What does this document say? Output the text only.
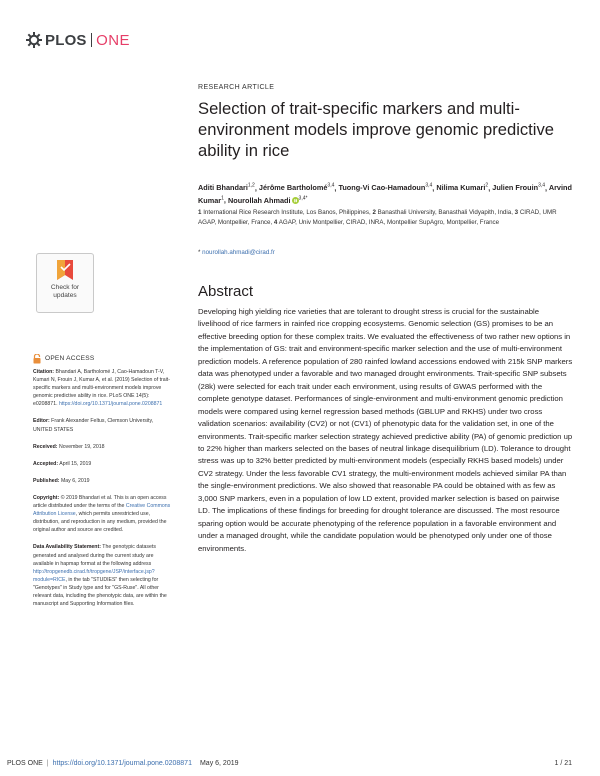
PLOS ONE
RESEARCH ARTICLE
Selection of trait-specific markers and multi-environment models improve genomic predictive ability in rice
Aditi Bhandari$^{1,2}$, Jérôme Bartholomé$^{3,4}$, Tuong-Vi Cao-Hamadoun$^{3,4}$, Nilima Kumari$^2$, Julien Frouin$^{3,4}$, Arvind Kumar$^1$, Nourollah Ahmadi $^{3,4*}$
1 International Rice Research Institute, Los Banos, Philippines, 2 Banasthali University, Banasthali Vidyapith, India, 3 CIRAD, UMR AGAP, Montpellier, France, 4 AGAP, Univ Montpellier, CIRAD, INRA, Montpellier SupAgro, Montpellier, France
* nourollah.ahmadi@cirad.fr
Abstract
Developing high yielding rice varieties that are tolerant to drought stress is crucial for the sustainable livelihood of rice farmers in rainfed rice cropping ecosystems. Genomic selection (GS) promises to be an effective breeding option for these complex traits. We evaluated the effectiveness of two rather new options in the implementation of GS: trait and environment-specific marker selection and the use of multi-environment prediction models. A reference population of 280 rainfed lowland accessions endowed with 215k SNP markers data was phenotyped under a favorable and two managed drought environments. Trait-specific SNP subsets (28k) were selected for each trait under each environment, using results of GWAS performed with the complete genotype dataset. Performances of single-environment and multi-environment genomic prediction models were compared using kernel regression based methods (GBLUP and RKHS) under two cross validation scenarios: availability (CV2) or not (CV1) of phenotypic data for the validation set, in one of the environments. Trait-specific marker selection strategy achieved predictive ability (PA) of genomic prediction up to 22% higher than markers selected on the bases of neutral linkage disequilibrium (LD). Tolerance to drought stress was up to 32% better predicted by multi-environment models (especially RKHS based models) under CV2 strategy. Under the less favorable CV1 strategy, the multi-environment models achieved similar PA than the single-environment predictions. We also showed that reasonable PA could be obtained with as few as 3,000 SNP markers, even in a population of low LD extent, provided marker selection is based on pairwise LD. The implications of these findings for breeding for drought tolerance are discussed. The most resource sparing option would be accurate phenotyping of the reference population in a favorable environment and under a managed drought, while the candidate population would be phenotyped only under one of those environments.
Check for
updates
OPEN ACCESS

Citation: Bhandari A, Bartholomé J, Cao-Hamadoun T-V, Kumari N, Frouin J, Kumar A, et al. (2019) Selection of trait-specific markers and multi-environment models improve genomic predictive ability in rice. PLoS ONE 14(5): e0208871. https://doi.org/10.1371/journal.pone.0208871

Editor: Frank Alexander Feltus, Clemson University, UNITED STATES

Received: November 19, 2018

Accepted: April 15, 2019

Published: May 6, 2019

Copyright: © 2019 Bhandari et al. This is an open access article distributed under the terms of the Creative Commons Attribution License, which permits unrestricted use, distribution, and reproduction in any medium, provided the original author and source are credited.

Data Availability Statement: The genotypic datasets generated and analysed during the current study are available in hapmap format at the following address http://tropgenedb.cirad.fr/tropgene/JSP/interface.jsp?module=RICE, in the tab "STUDIES" then selecting for "Genotypes" in Study type and for "GS-Ruse". All other relevant data, including the phenotypic data, are within the manuscript and Supporting Information files.

PLOS ONE | https://doi.org/10.1371/journal.pone.0208871 May 6, 2019	1 / 21
